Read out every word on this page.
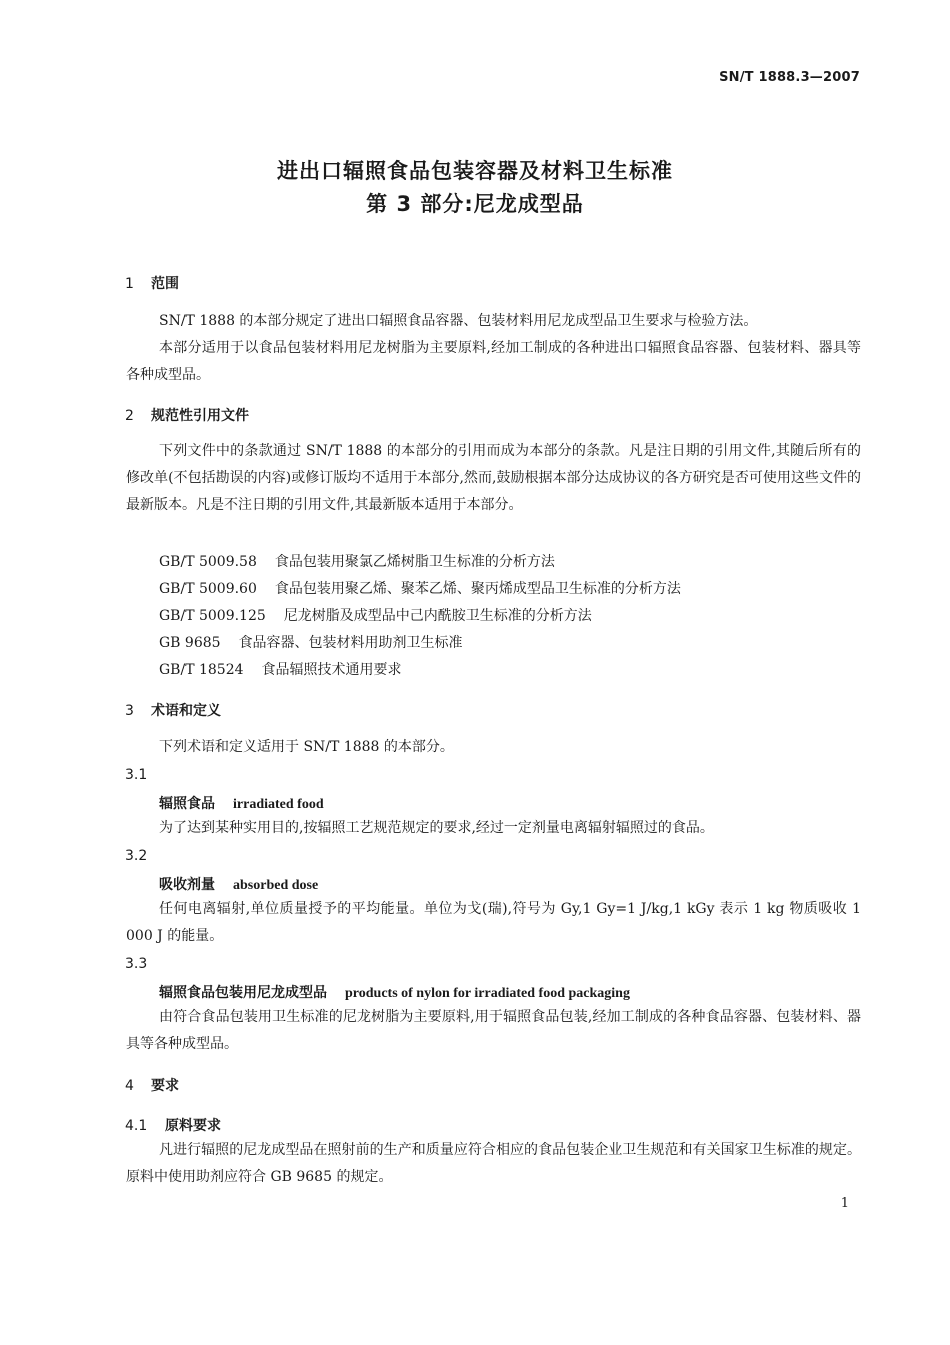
SN/T 1888.3—2007
进出口辐照食品包装容器及材料卫生标准
第 3 部分:尼龙成型品
1 范围
SN/T 1888 的本部分规定了进出口辐照食品容器、包装材料用尼龙成型品卫生要求与检验方法。
本部分适用于以食品包装材料用尼龙树脂为主要原料,经加工制成的各种进出口辐照食品容器、包装材料、器具等各种成型品。
2 规范性引用文件
下列文件中的条款通过 SN/T 1888 的本部分的引用而成为本部分的条款。凡是注日期的引用文件,其随后所有的修改单(不包括勘误的内容)或修订版均不适用于本部分,然而,鼓励根据本部分达成协议的各方研究是否可使用这些文件的最新版本。凡是不注日期的引用文件,其最新版本适用于本部分。
GB/T 5009.58 食品包装用聚氯乙烯树脂卫生标准的分析方法
GB/T 5009.60 食品包装用聚乙烯、聚苯乙烯、聚丙烯成型品卫生标准的分析方法
GB/T 5009.125 尼龙树脂及成型品中己内酰胺卫生标准的分析方法
GB 9685 食品容器、包装材料用助剂卫生标准
GB/T 18524 食品辐照技术通用要求
3 术语和定义
下列术语和定义适用于 SN/T 1888 的本部分。
3.1
辐照食品 irradiated food
为了达到某种实用目的,按辐照工艺规范规定的要求,经过一定剂量电离辐射辐照过的食品。
3.2
吸收剂量 absorbed dose
任何电离辐射,单位质量授予的平均能量。单位为戈(瑞),符号为 Gy,1 Gy=1 J/kg,1 kGy 表示 1 kg 物质吸收 1 000 J 的能量。
3.3
辐照食品包装用尼龙成型品 products of nylon for irradiated food packaging
由符合食品包装用卫生标准的尼龙树脂为主要原料,用于辐照食品包装,经加工制成的各种食品容器、包装材料、器具等各种成型品。
4 要求
4.1 原料要求
凡进行辐照的尼龙成型品在照射前的生产和质量应符合相应的食品包装企业卫生规范和有关国家卫生标准的规定。原料中使用助剂应符合 GB 9685 的规定。
1
